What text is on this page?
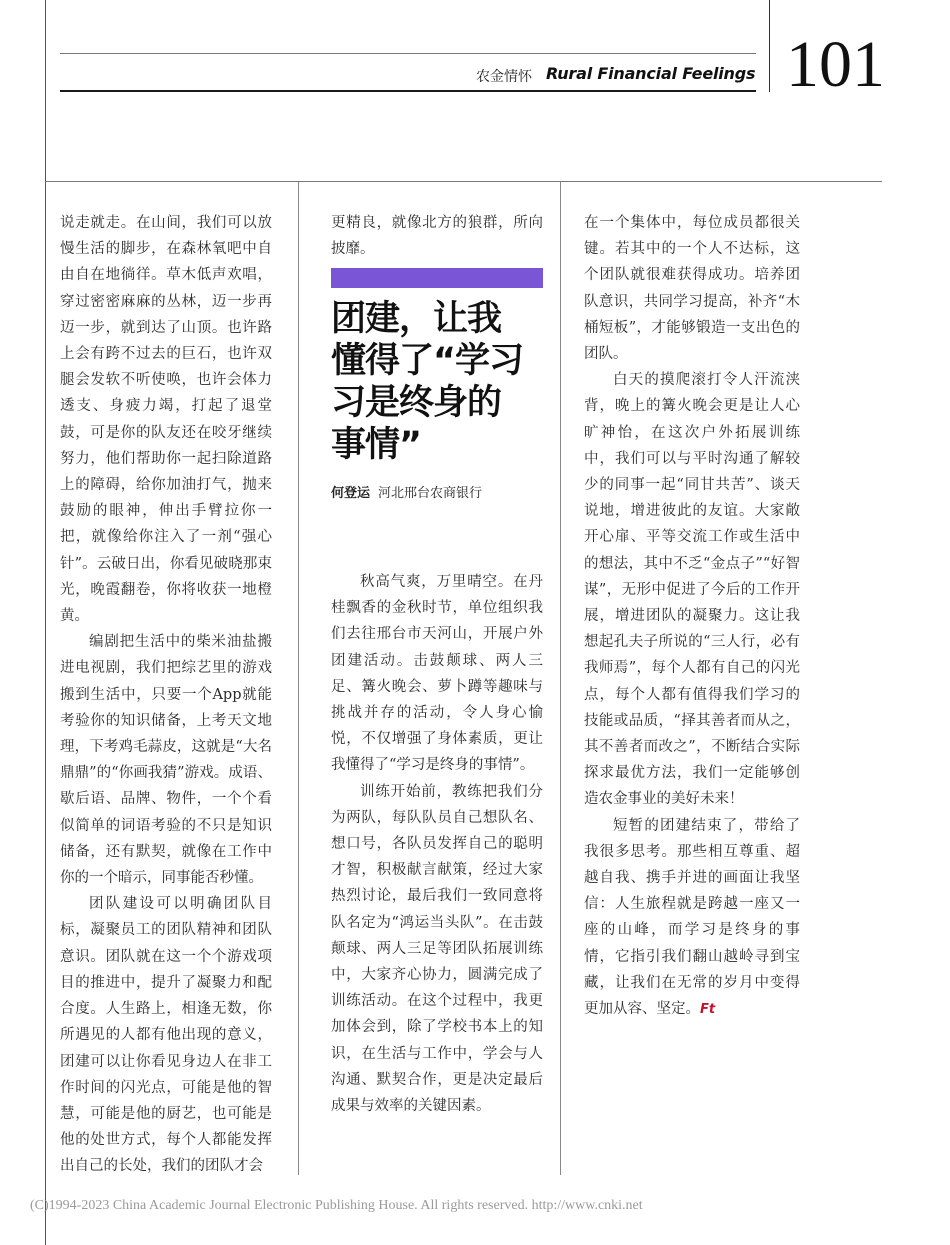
农金情怀 Rural Financial Feelings 101

说走就走。在山间，我们可以放慢生活的脚步，在森林氧吧中自由自在地徜徉。草木低声欢唱，穿过密密麻麻的丛林，迈一步再迈一步，就到达了山顶。也许路上会有跨不过去的巨石，也许双腿会发软不听使唤，也许会体力透支、身疲力竭，打起了退堂鼓，可是你的队友还在咬牙继续努力，他们帮助你一起扫除道路上的障碍，给你加油打气，抛来鼓励的眼神，伸出手臂拉你一把，就像给你注入了一剂“强心针”。云破日出，你看见破晓那束光，晚霞翻卷，你将收获一地橙黄。

编剧把生活中的柴米油盐搬进电视剧，我们把综艺里的游戏搬到生活中，只要一个App就能考验你的知识储备，上考天文地理，下考鸡毛蒜皮，这就是“大名鼎鼎”的“你画我猜”游戏。成语、歇后语、品牌、物件，一个个看似简单的词语考验的不只是知识储备，还有默契，就像在工作中你的一个暗示，同事能否秒懂。

团队建设可以明确团队目标，凝聚员工的团队精神和团队意识。团队就在这一个个游戏项目的推进中，提升了凝聚力和配合度。人生路上，相逢无数，你所遇见的人都有他出现的意义，团建可以让你看见身边人在非工作时间的闪光点，可能是他的智慧，可能是他的厨艺，也可能是他的处世方式，每个人都能发挥出自己的长处，我们的团队才会

更精良，就像北方的狼群，所向披靡。

团建，让我
懂得了“学习
习是终身的
事情”
何登运 河北邢台农商银行

秋高气爽，万里晴空。在丹桂飘香的金秋时节，单位组织我们去往邢台市天河山，开展户外团建活动。击鼓颠球、两人三足、篝火晚会、萝卜蹲等趣味与挑战并存的活动，令人身心愉悦，不仅增强了身体素质，更让我懂得了“学习是终身的事情”。

训练开始前，教练把我们分为两队，每队队员自己想队名、想口号，各队员发挥自己的聪明才智，积极献言献策，经过大家热烈讨论，最后我们一致同意将队名定为“鸿运当头队”。在击鼓颠球、两人三足等团队拓展训练中，大家齐心协力，圆满完成了训练活动。在这个过程中，我更加体会到，除了学校书本上的知识，在生活与工作中，学会与人沟通、默契合作，更是决定最后成果与效率的关键因素。

在一个集体中，每位成员都很关键。若其中的一个人不达标，这个团队就很难获得成功。培养团队意识，共同学习提高，补齐“木桶短板”，才能够锻造一支出色的团队。

白天的摸爬滚打令人汗流浃背，晚上的篝火晚会更是让人心旷神怡，在这次户外拓展训练中，我们可以与平时沟通了解较少的同事一起“同甘共苦”、谈天说地，增进彼此的友谊。大家敞开心扉、平等交流工作或生活中的想法，其中不乏“金点子”“好智谋”，无形中促进了今后的工作开展，增进团队的凝聚力。这让我想起孔夫子所说的“三人行，必有我师焉”，每个人都有自己的闪光点，每个人都有值得我们学习的技能或品质，“择其善者而从之，其不善者而改之”，不断结合实际探求最优方法，我们一定能够创造农金事业的美好未来！

短暂的团建结束了，带给了我很多思考。那些相互尊重、超越自我、携手并进的画面让我坚信：人生旅程就是跨越一座又一座的山峰，而学习是终身的事情，它指引我们翻山越岭寻到宝藏，让我们在无常的岁月中变得更加从容、坚定。Ft

(C)1994-2023 China Academic Journal Electronic Publishing House. All rights reserved. http://www.cnki.net
